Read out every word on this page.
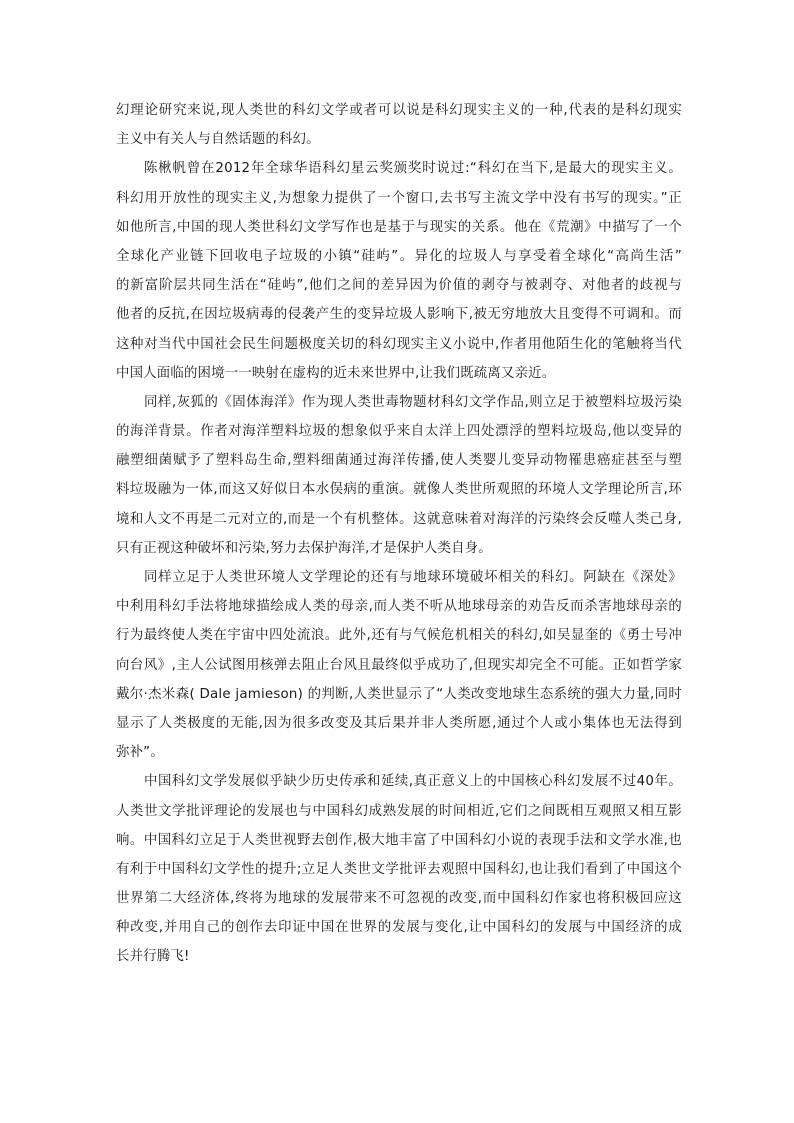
幻理论研究来说,现人类世的科幻文学或者可以说是科幻现实主义的一种,代表的是科幻现实
主义中有关人与自然话题的科幻。
陈楸帆曾在2012年全球华语科幻星云奖颁奖时说过:“科幻在当下,是最大的现实主义。
科幻用开放性的现实主义,为想象力提供了一个窗口,去书写主流文学中没有书写的现实。”正
如他所言,中国的现人类世科幻文学写作也是基于与现实的关系。他在《荒潮》中描写了一个
全球化产业链下回收电子垃圾的小镇“硅屿”。异化的垃圾人与享受着全球化“高尚生活”
的新富阶层共同生活在“硅屿”,他们之间的差异因为价值的剥夺与被剥夺、对他者的歧视与
他者的反抗,在因垃圾病毒的侵袭产生的变异垃圾人影响下,被无穷地放大且变得不可调和。而
这种对当代中国社会民生问题极度关切的科幻现实主义小说中,作者用他陌生化的笔触将当代
中国人面临的困境一一映射在虚构的近未来世界中,让我们既疏离又亲近。
同样,灰狐的《固体海洋》作为现人类世毒物题材科幻文学作品,则立足于被塑料垃圾污染
的海洋背景。作者对海洋塑料垃圾的想象似乎来自太洋上四处漂浮的塑料垃圾岛,他以变异的
融塑细菌赋予了塑料岛生命,塑料细菌通过海洋传播,使人类婴儿变异动物罹患癌症甚至与塑
料垃圾融为一体,而这又好似日本水俣病的重演。就像人类世所观照的环境人文学理论所言,环
境和人文不再是二元对立的,而是一个有机整体。这就意味着对海洋的污染终会反噬人类己身,
只有正视这种破坏和污染,努力去保护海洋,才是保护人类自身。
同样立足于人类世环境人文学理论的还有与地球环境破坏相关的科幻。阿缺在《深处》
中利用科幻手法将地球描绘成人类的母亲,而人类不听从地球母亲的劝告反而杀害地球母亲的
行为最终使人类在宇宙中四处流浪。此外,还有与气候危机相关的科幻,如吴显奎的《勇士号冲
向台风》,主人公试图用核弹去阻止台风且最终似乎成功了,但现实却完全不可能。正如哲学家
戴尔·杰米森( Dale jamieson) 的判断,人类世显示了“人类改变地球生态系统的强大力量,同时
显示了人类极度的无能,因为很多改变及其后果并非人类所愿,通过个人或小集体也无法得到
弥补”。
中国科幻文学发展似乎缺少历史传承和延续,真正意义上的中国核心科幻发展不过40年。
人类世文学批评理论的发展也与中国科幻成熟发展的时间相近,它们之间既相互观照又相互影
响。中国科幻立足于人类世视野去创作,极大地丰富了中国科幻小说的表现手法和文学水准,也
有利于中国科幻文学性的提升;立足人类世文学批评去观照中国科幻,也让我们看到了中国这个
世界第二大经济体,终将为地球的发展带来不可忽视的改变,而中国科幻作家也将积极回应这
种改变,并用自己的创作去印证中国在世界的发展与变化,让中国科幻的发展与中国经济的成
长并行腾飞!
